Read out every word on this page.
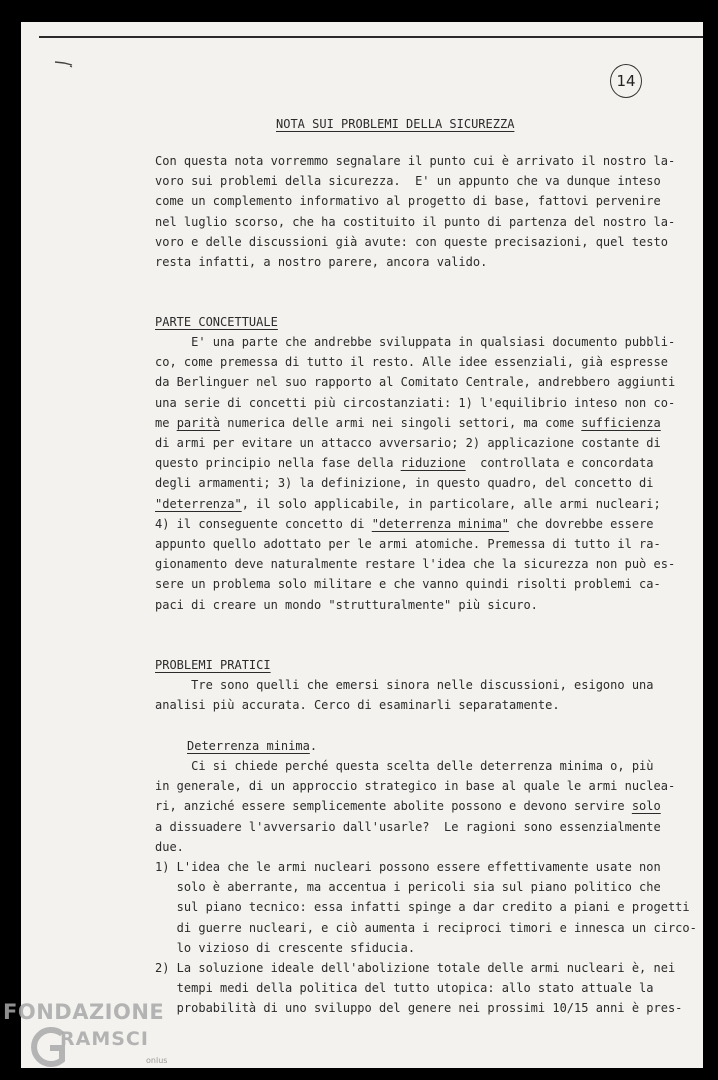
14

NOTA SUI PROBLEMI DELLA SICUREZZA

Con questa nota vorremmo segnalare il punto cui è arrivato il nostro la-

voro sui problemi della sicurezza.  E' un appunto che va dunque inteso

come un complemento informativo al progetto di base, fattovi pervenire

nel luglio scorso, che ha costituito il punto di partenza del nostro la-

voro e delle discussioni già avute: con queste precisazioni, quel testo

resta infatti, a nostro parere, ancora valido.

PARTE CONCETTUALE

E' una parte che andrebbe sviluppata in qualsiasi documento pubbli-

co, come premessa di tutto il resto. Alle idee essenziali, già espresse

da Berlinguer nel suo rapporto al Comitato Centrale, andrebbero aggiunti

una serie di concetti più circostanziati: 1) l'equilibrio inteso non co-

me parità numerica delle armi nei singoli settori, ma come sufficienza

di armi per evitare un attacco avversario; 2) applicazione costante di

questo principio nella fase della riduzione  controllata e concordata

degli armamenti; 3) la definizione, in questo quadro, del concetto di

"deterrenza", il solo applicabile, in particolare, alle armi nucleari;

4) il conseguente concetto di "deterrenza minima" che dovrebbe essere

appunto quello adottato per le armi atomiche. Premessa di tutto il ra-

gionamento deve naturalmente restare l'idea che la sicurezza non può es-

sere un problema solo militare e che vanno quindi risolti problemi ca-

paci di creare un mondo "strutturalmente" più sicuro.

PROBLEMI PRATICI

Tre sono quelli che emersi sinora nelle discussioni, esigono una

analisi più accurata. Cerco di esaminarli separatamente.

Deterrenza minima.

Ci si chiede perché questa scelta delle deterrenza minima o, più

in generale, di un approccio strategico in base al quale le armi nuclea-

ri, anziché essere semplicemente abolite possono e devono servire solo

a dissuadere l'avversario dall'usarle?  Le ragioni sono essenzialmente

due.

1) L'idea che le armi nucleari possono essere effettivamente usate non

solo è aberrante, ma accentua i pericoli sia sul piano politico che

sul piano tecnico: essa infatti spinge a dar credito a piani e progetti

di guerre nucleari, e ciò aumenta i reciproci timori e innesca un circo-

lo vizioso di crescente sfiducia.

2) La soluzione ideale dell'abolizione totale delle armi nucleari è, nei

tempi medi della politica del tutto utopica: allo stato attuale la

probabilità di uno sviluppo del genere nei prossimi 10/15 anni è pres-

FONDAZIONE

RAMSCI

onlus
